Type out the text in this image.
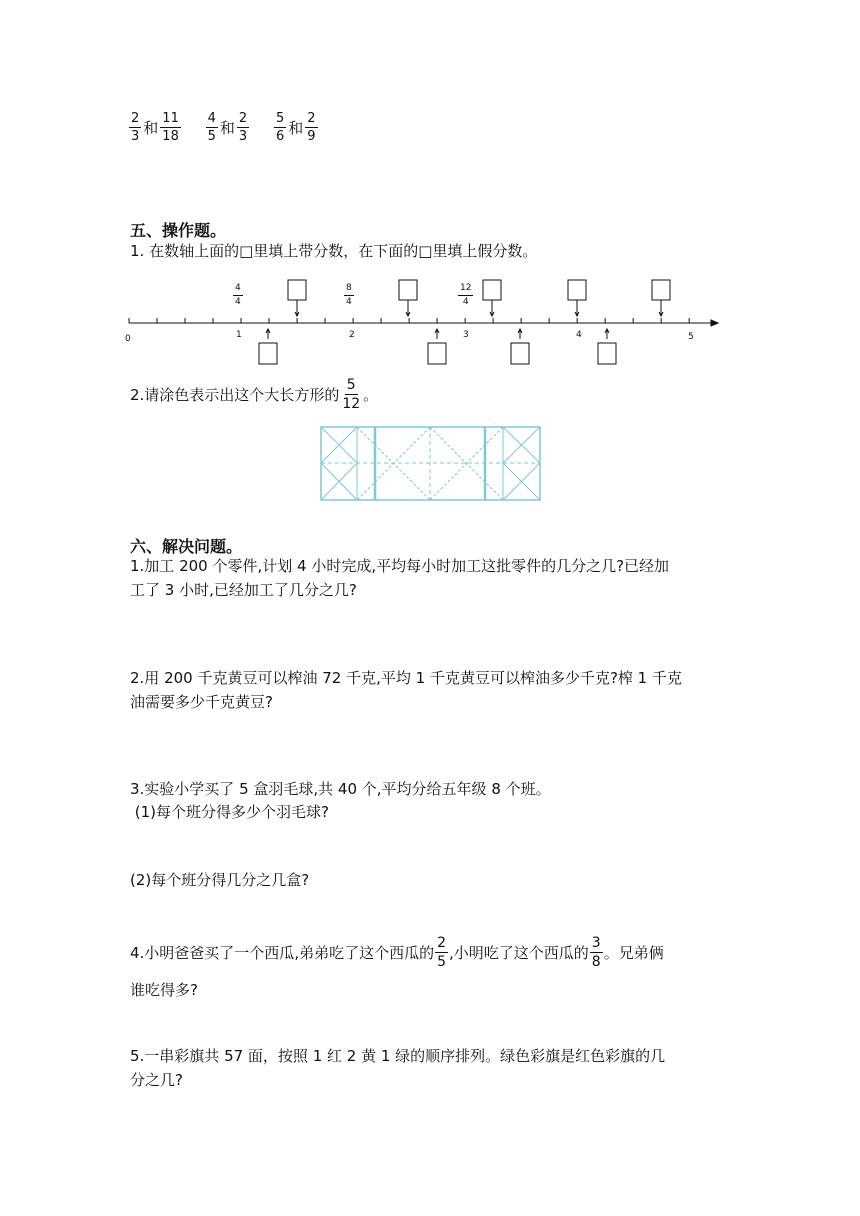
$\frac{2}{3}$ 和 $\frac{11}{18}$
$\frac{4}{5}$ 和 $\frac{2}{3}$
$\frac{5}{6}$ 和 $\frac{2}{9}$
五、操作题。
1. 在数轴上面的□里填上带分数，在下面的□里填上假分数。
0	1	2	3	4	5
$\frac{4}{4}$	$\frac{8}{4}$	$\frac{12}{4}$
2.请涂色表示出这个大长方形的 $\frac{5}{12}$ 。
六、解决问题。
1.加工 200 个零件,计划 4 小时完成,平均每小时加工这批零件的几分之几?已经加
工了 3 小时,已经加工了几分之几?
2.用 200 千克黄豆可以榨油 72 千克,平均 1 千克黄豆可以榨油多少千克?榨 1 千克
油需要多少千克黄豆?
3.实验小学买了 5 盒羽毛球,共 40 个,平均分给五年级 8 个班。
(1)每个班分得多少个羽毛球?
(2)每个班分得几分之几盒?
4.小明爸爸买了一个西瓜,弟弟吃了这个西瓜的 $\frac{2}{5}$ ,小明吃了这个西瓜的 $\frac{3}{8}$ 。兄弟俩
谁吃得多?
5.一串彩旗共 57 面，按照 1 红 2 黄 1 绿的顺序排列。绿色彩旗是红色彩旗的几
分之几?
